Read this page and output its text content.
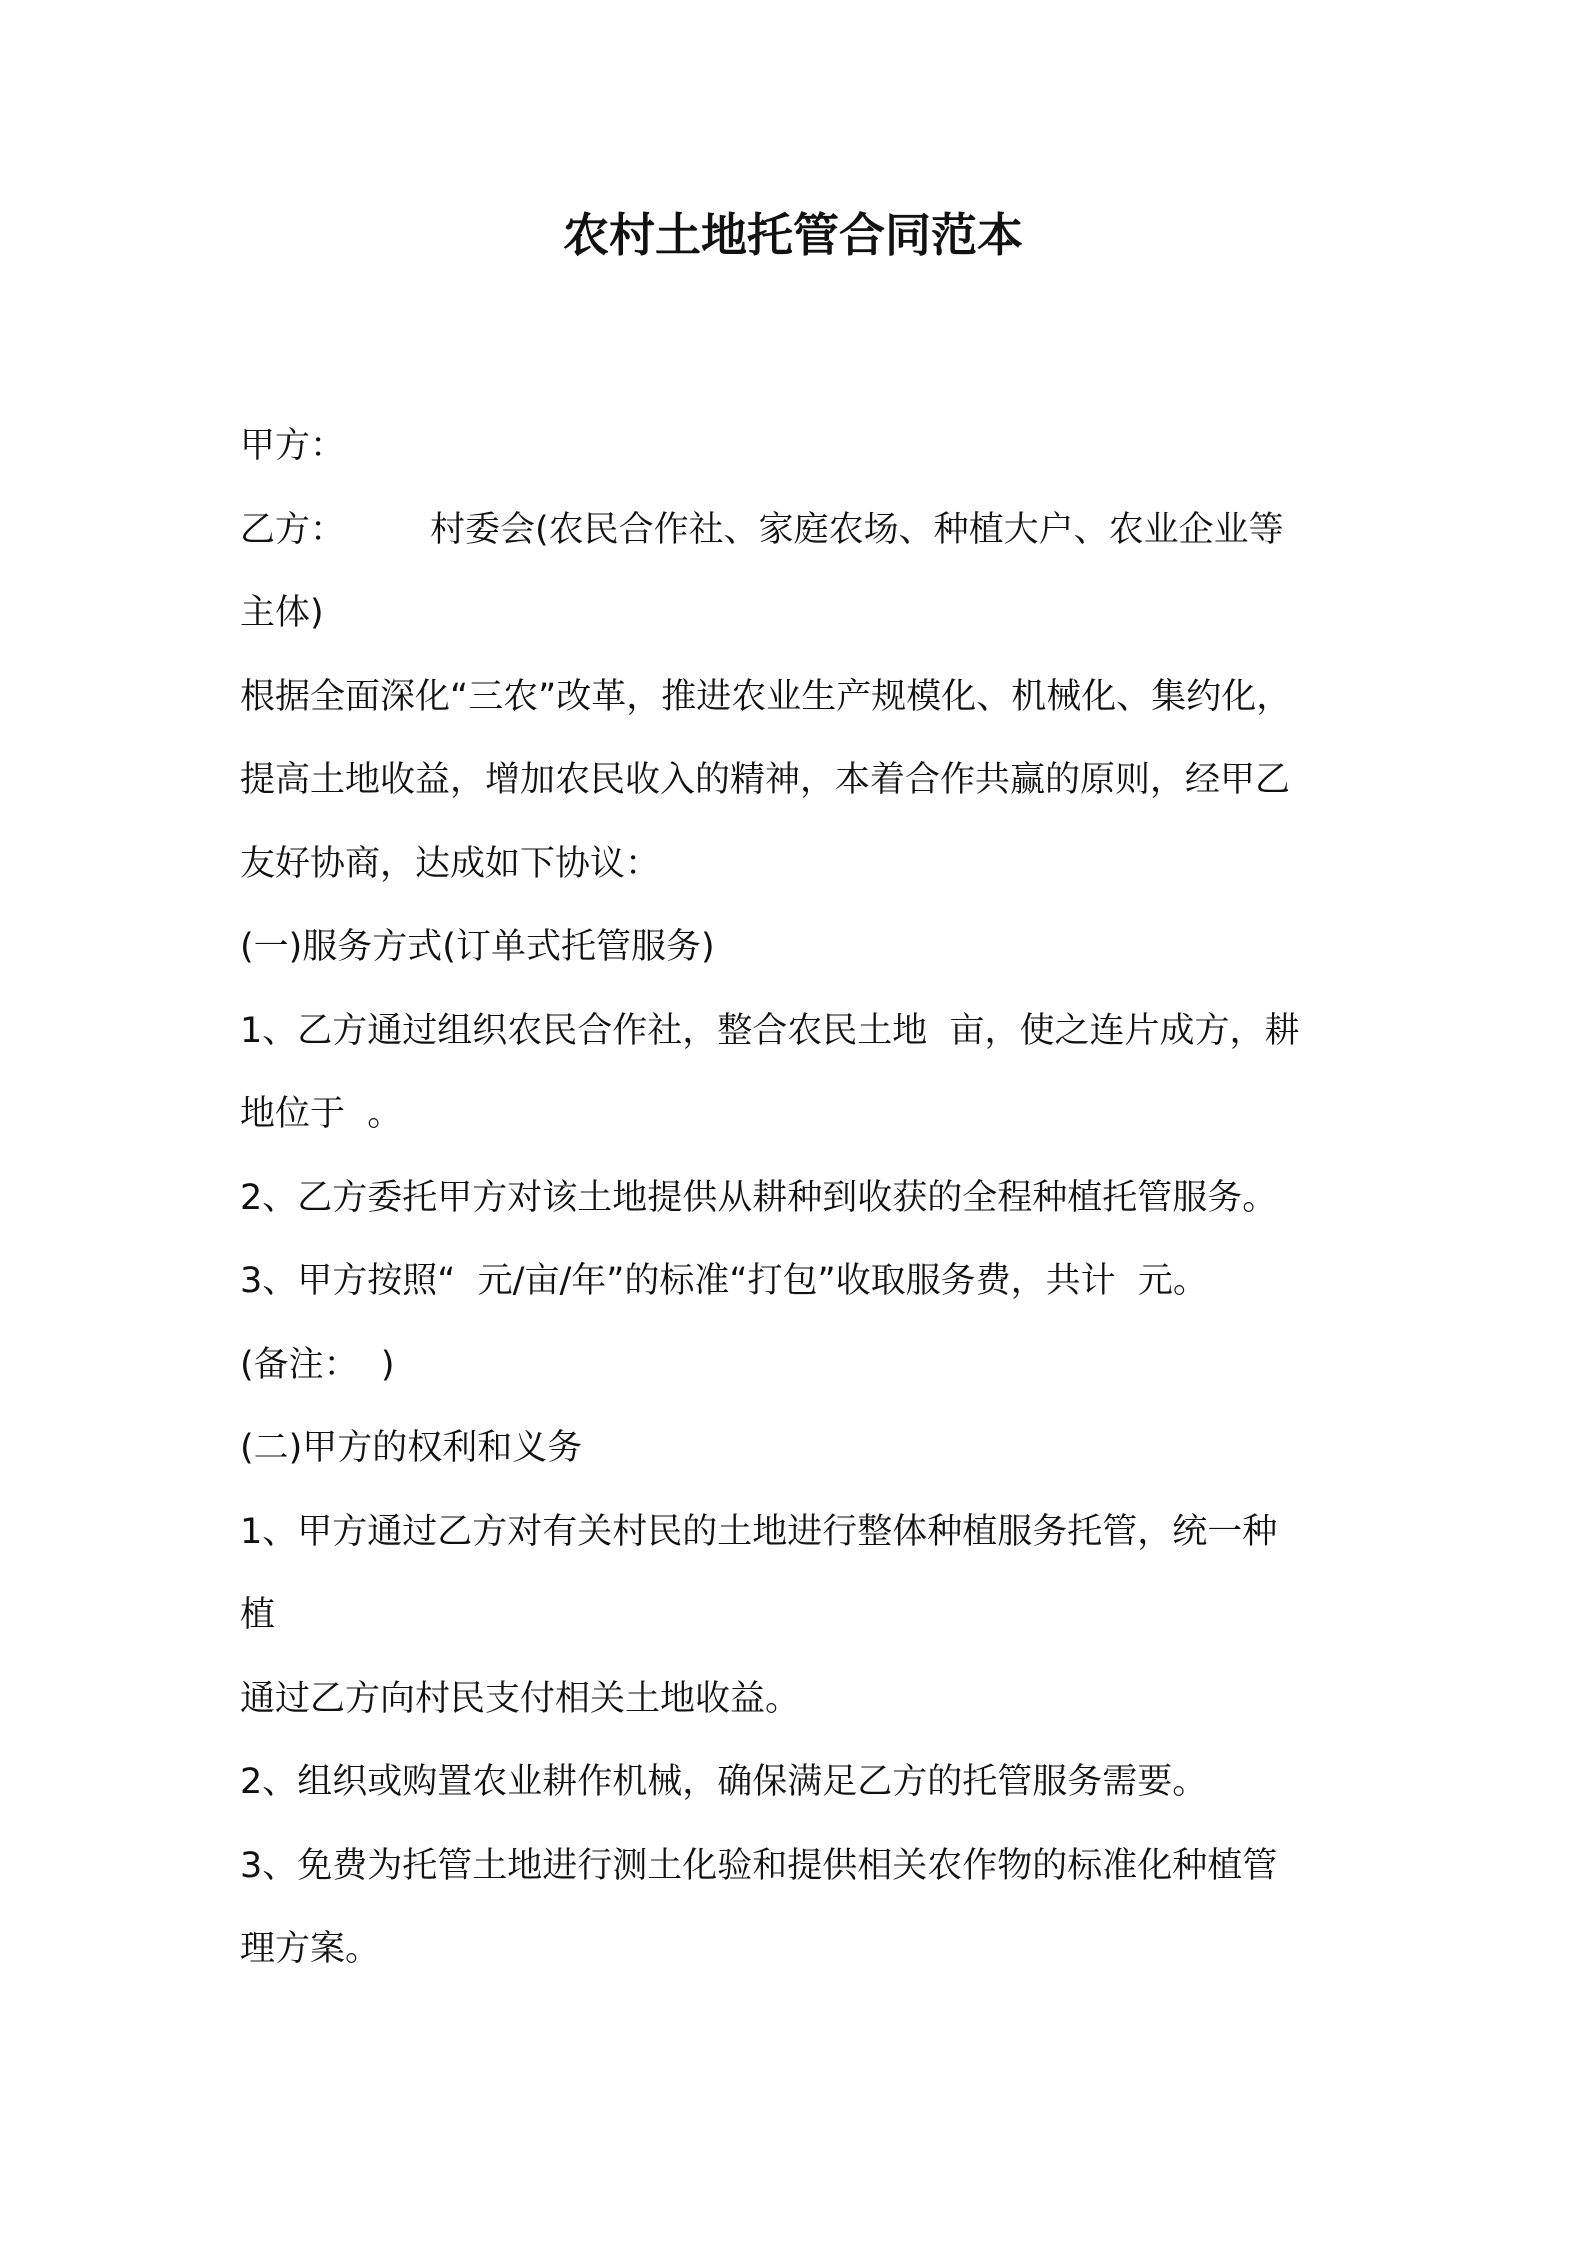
农村土地托管合同范本
甲方：
乙方： 村委会(农民合作社、家庭农场、种植大户、农业企业等
主体)
根据全面深化“三农”改革，推进农业生产规模化、机械化、集约化，
提高土地收益，增加农民收入的精神，本着合作共赢的原则，经甲乙
友好协商，达成如下协议：
(一)服务方式(订单式托管服务)
1、乙方通过组织农民合作社，整合农民土地  亩，使之连片成方，耕
地位于  。
2、乙方委托甲方对该土地提供从耕种到收获的全程种植托管服务。
3、甲方按照“  元/亩/年”的标准“打包”收取服务费，共计  元。
(备注：  )
(二)甲方的权利和义务
1、甲方通过乙方对有关村民的土地进行整体种植服务托管，统一种
植
通过乙方向村民支付相关土地收益。
2、组织或购置农业耕作机械，确保满足乙方的托管服务需要。
3、免费为托管土地进行测土化验和提供相关农作物的标准化种植管
理方案。
